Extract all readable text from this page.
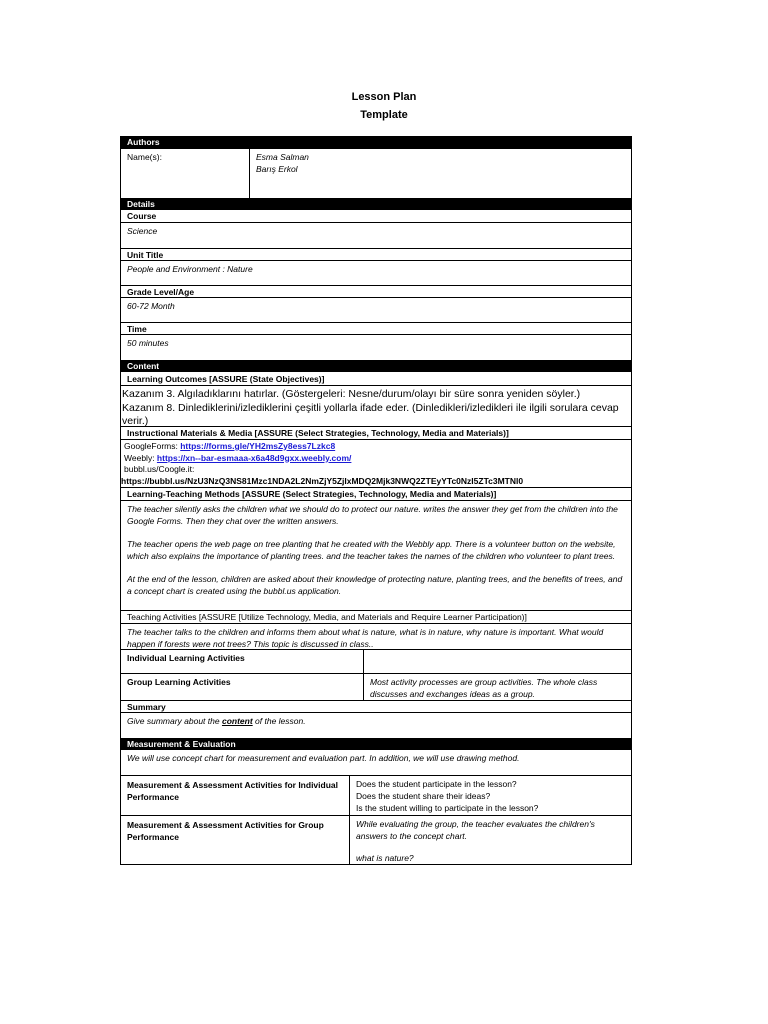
Lesson Plan
Template
Authors
Name(s):	Esma Salman
Barış Erkol
Details
Course
Science
Unit Title
People and Environment : Nature
Grade Level/Age
60-72 Month
Time
50 minutes
Content
Learning Outcomes [ASSURE (State Objectives)]
Kazanım 3. Algıladıklarını hatırlar. (Göstergeleri: Nesne/durum/olayı bir süre sonra yeniden söyler.)
Kazanım 8. Dinlediklerini/izlediklerini çeşitli yollarla ifade eder. (Dinledikleri/izledikleri ile ilgili sorulara cevap verir.)
Instructional Materials & Media [ASSURE (Select Strategies, Technology, Media and Materials)]
GoogleForms: https://forms.gle/YH2msZy8ess7Lzkc8
Weebly: https://xn--bar-esmaaa-x6a48d9gxx.weebly.com/
bubbl.us/Coogle.it:
https://bubbl.us/NzU3NzQ3NS81Mzc1NDA2L2NmZjY5ZjIxMDQ2Mjk3NWQ2ZTEyYTc0NzI5ZTc3MTNl0
Learning-Teaching Methods [ASSURE (Select Strategies, Technology, Media and Materials)]
The teacher silently asks the children what we should do to protect our nature. writes the answer they get from the children into the Google Forms. Then they chat over the written answers.
The teacher opens the web page on tree planting that he created with the Webbly app. There is a volunteer button on the website, which also explains the importance of planting trees. and the teacher takes the names of the children who volunteer to plant trees.
At the end of the lesson, children are asked about their knowledge of protecting nature, planting trees, and the benefits of trees, and a concept chart is created using the bubbl.us application.
Teaching Activities [ASSURE [Utilize Technology, Media, and Materials and Require Learner Participation)]
The teacher talks to the children and informs them about what is nature, what is in nature, why nature is important. What would happen if forests were not trees? This topic is discussed in class..
Individual Learning Activities
Group Learning Activities	Most activity processes are group activities. The whole class discusses and exchanges ideas as a group.
Summary
Give summary about the content of the lesson.
Measurement & Evaluation
We will use concept chart for measurement and evaluation part. In addition, we will use drawing method.
Measurement & Assessment Activities for Individual Performance
Does the student participate in the lesson?
Does the student share their ideas?
Is the student willing to participate in the lesson?
Measurement & Assessment Activities for Group Performance
While evaluating the group, the teacher evaluates the children's answers to the concept chart.
what is nature?
